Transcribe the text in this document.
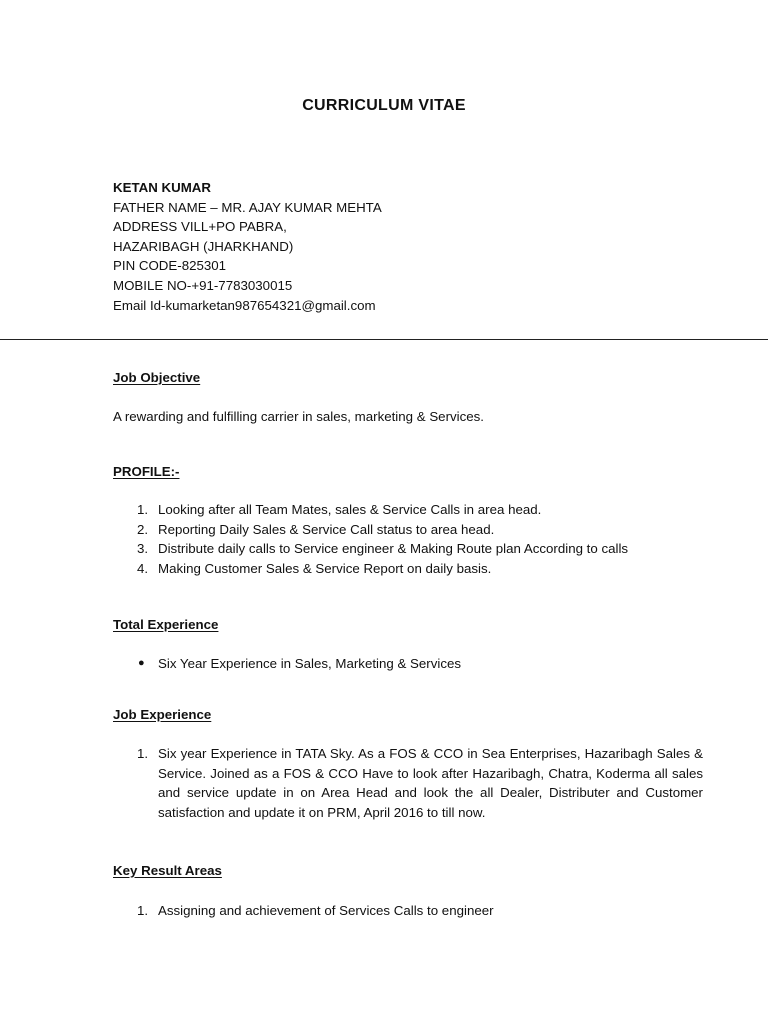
CURRICULUM VITAE
KETAN KUMAR
FATHER NAME – MR. AJAY KUMAR MEHTA
ADDRESS VILL+PO PABRA,
HAZARIBAGH (JHARKHAND)
PIN CODE-825301
MOBILE NO-+91-7783030015
Email Id-kumarketan987654321@gmail.com
Job Objective
A rewarding and fulfilling carrier in sales, marketing & Services.
PROFILE:-
1. Looking after all Team Mates, sales & Service Calls in area head.
2. Reporting Daily Sales & Service Call status to area head.
3. Distribute daily calls to Service engineer & Making Route plan According to calls
4. Making Customer Sales & Service Report on daily basis.
Total Experience
● Six Year Experience in Sales, Marketing & Services
Job Experience
1. Six year Experience in TATA Sky. As a FOS & CCO in Sea Enterprises, Hazaribagh Sales & Service. Joined as a FOS & CCO Have to look after Hazaribagh, Chatra, Koderma all sales and service update in on Area Head and look the all Dealer, Distributer and Customer satisfaction and update it on PRM, April 2016 to till now.
Key Result Areas
1. Assigning and achievement of Services Calls to engineer
